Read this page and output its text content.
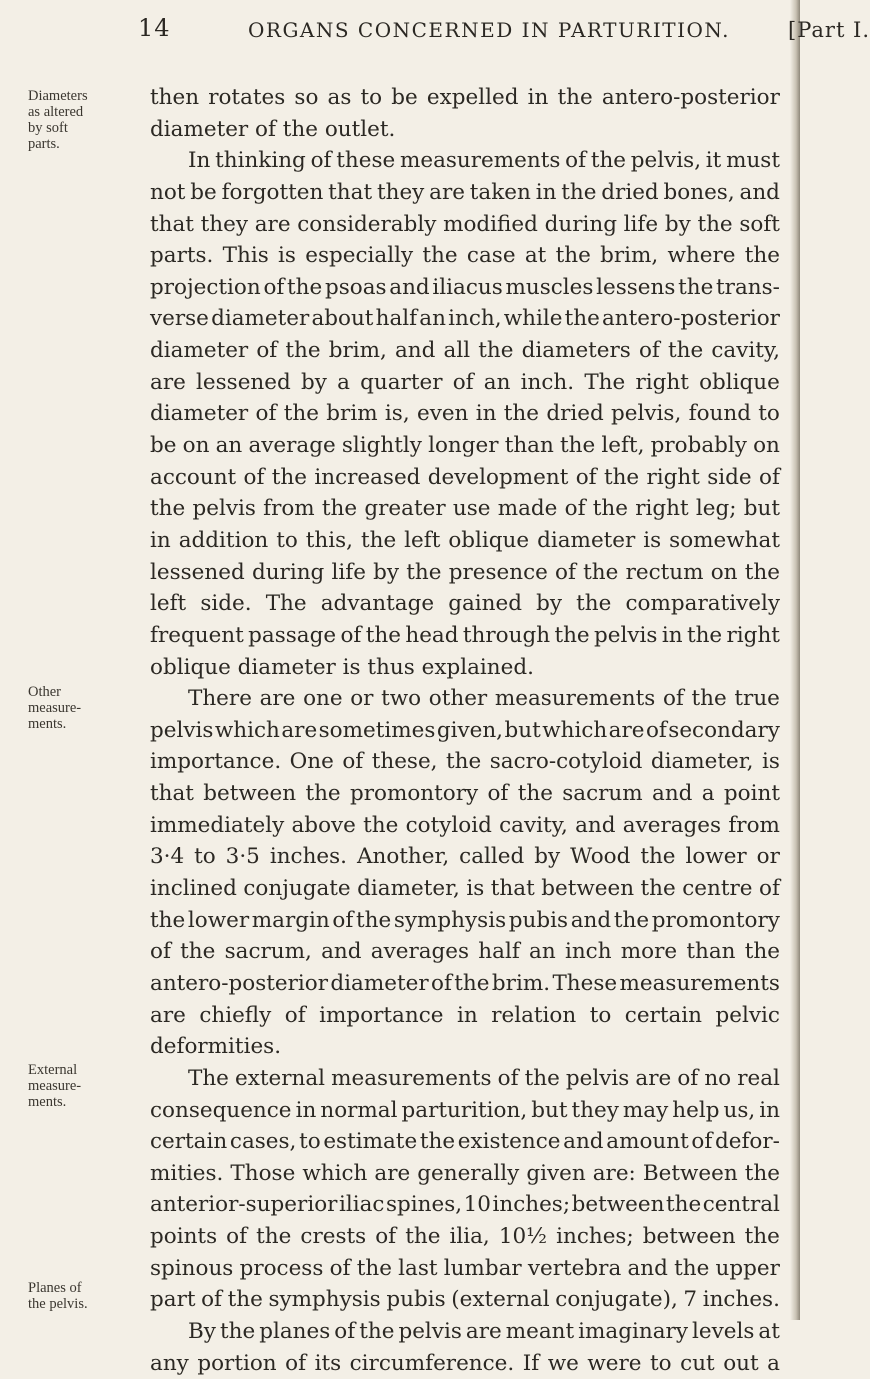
14	ORGANS CONCERNED IN PARTURITION.	[Part I.
Diameters
as altered
by soft
parts.
Other
measure-
ments.
External
measure-
ments.
Planes of
the pelvis.
then rotates so as to be expelled in the antero-posterior
diameter of the outlet.
In thinking of these measurements of the pelvis, it must
not be forgotten that they are taken in the dried bones, and
that they are considerably modified during life by the soft
parts. This is especially the case at the brim, where the
projection of the psoas and iliacus muscles lessens the trans-
verse diameter about half an inch, while the antero-posterior
diameter of the brim, and all the diameters of the cavity,
are lessened by a quarter of an inch. The right oblique
diameter of the brim is, even in the dried pelvis, found to
be on an average slightly longer than the left, probably on
account of the increased development of the right side of
the pelvis from the greater use made of the right leg; but
in addition to this, the left oblique diameter is somewhat
lessened during life by the presence of the rectum on the
left side. The advantage gained by the comparatively
frequent passage of the head through the pelvis in the right
oblique diameter is thus explained.
There are one or two other measurements of the true
pelvis which are sometimes given, but which are of secondary
importance. One of these, the sacro-cotyloid diameter, is
that between the promontory of the sacrum and a point
immediately above the cotyloid cavity, and averages from
3·4 to 3·5 inches. Another, called by Wood the lower or
inclined conjugate diameter, is that between the centre of
the lower margin of the symphysis pubis and the promontory
of the sacrum, and averages half an inch more than the
antero-posterior diameter of the brim. These measurements
are chiefly of importance in relation to certain pelvic
deformities.
The external measurements of the pelvis are of no real
consequence in normal parturition, but they may help us, in
certain cases, to estimate the existence and amount of defor-
mities. Those which are generally given are: Between the
anterior-superior iliac spines, 10 inches; between the central
points of the crests of the ilia, 10½ inches; between the
spinous process of the last lumbar vertebra and the upper
part of the symphysis pubis (external conjugate), 7 inches.
By the planes of the pelvis are meant imaginary levels at
any portion of its circumference. If we were to cut out a
